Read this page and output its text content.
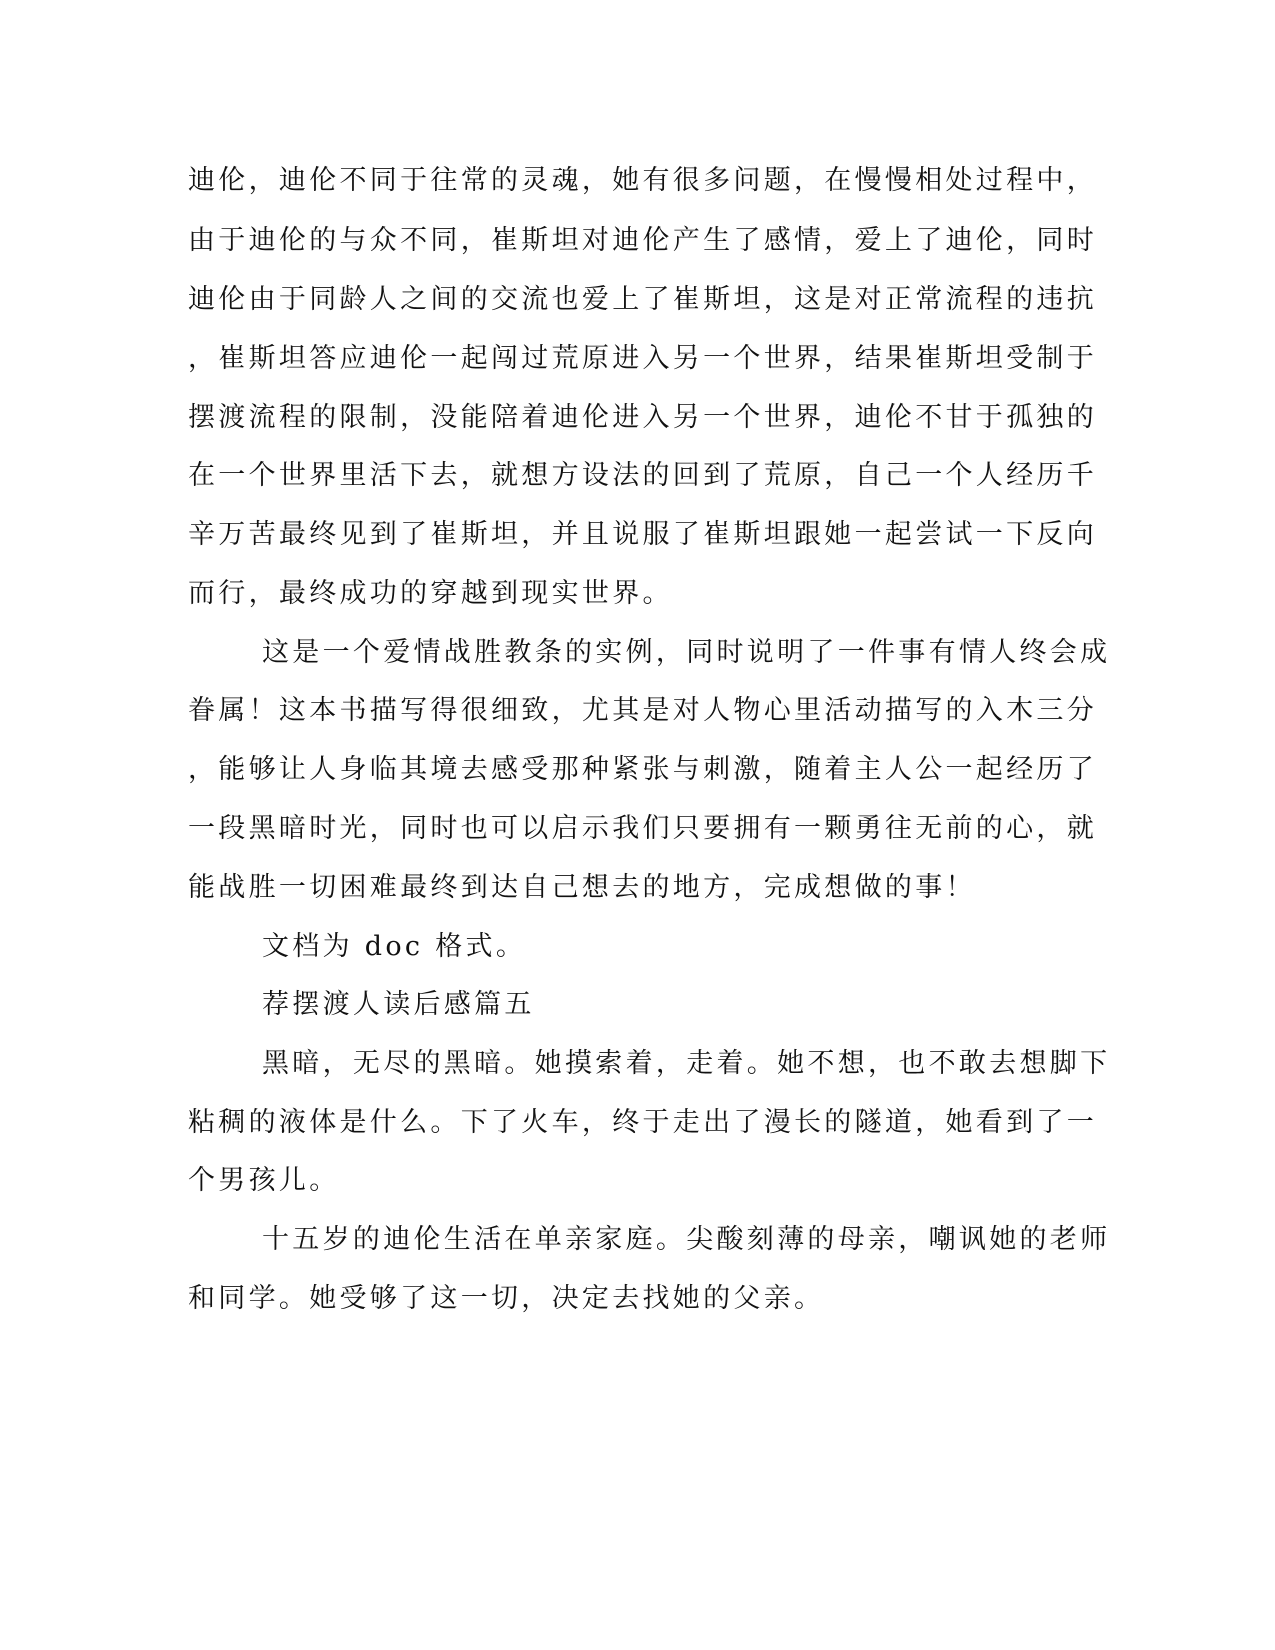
迪伦，迪伦不同于往常的灵魂，她有很多问题，在慢慢相处过程中，
由于迪伦的与众不同，崔斯坦对迪伦产生了感情，爱上了迪伦，同时
迪伦由于同龄人之间的交流也爱上了崔斯坦，这是对正常流程的违抗
，崔斯坦答应迪伦一起闯过荒原进入另一个世界，结果崔斯坦受制于
摆渡流程的限制，没能陪着迪伦进入另一个世界，迪伦不甘于孤独的
在一个世界里活下去，就想方设法的回到了荒原，自己一个人经历千
辛万苦最终见到了崔斯坦，并且说服了崔斯坦跟她一起尝试一下反向
而行，最终成功的穿越到现实世界。
这是一个爱情战胜教条的实例，同时说明了一件事有情人终会成
眷属！这本书描写得很细致，尤其是对人物心里活动描写的入木三分
，能够让人身临其境去感受那种紧张与刺激，随着主人公一起经历了
一段黑暗时光，同时也可以启示我们只要拥有一颗勇往无前的心，就
能战胜一切困难最终到达自己想去的地方，完成想做的事！
文档为 doc 格式。
荐摆渡人读后感篇五
黑暗，无尽的黑暗。她摸索着，走着。她不想，也不敢去想脚下
粘稠的液体是什么。下了火车，终于走出了漫长的隧道，她看到了一
个男孩儿。
十五岁的迪伦生活在单亲家庭。尖酸刻薄的母亲，嘲讽她的老师
和同学。她受够了这一切，决定去找她的父亲。
